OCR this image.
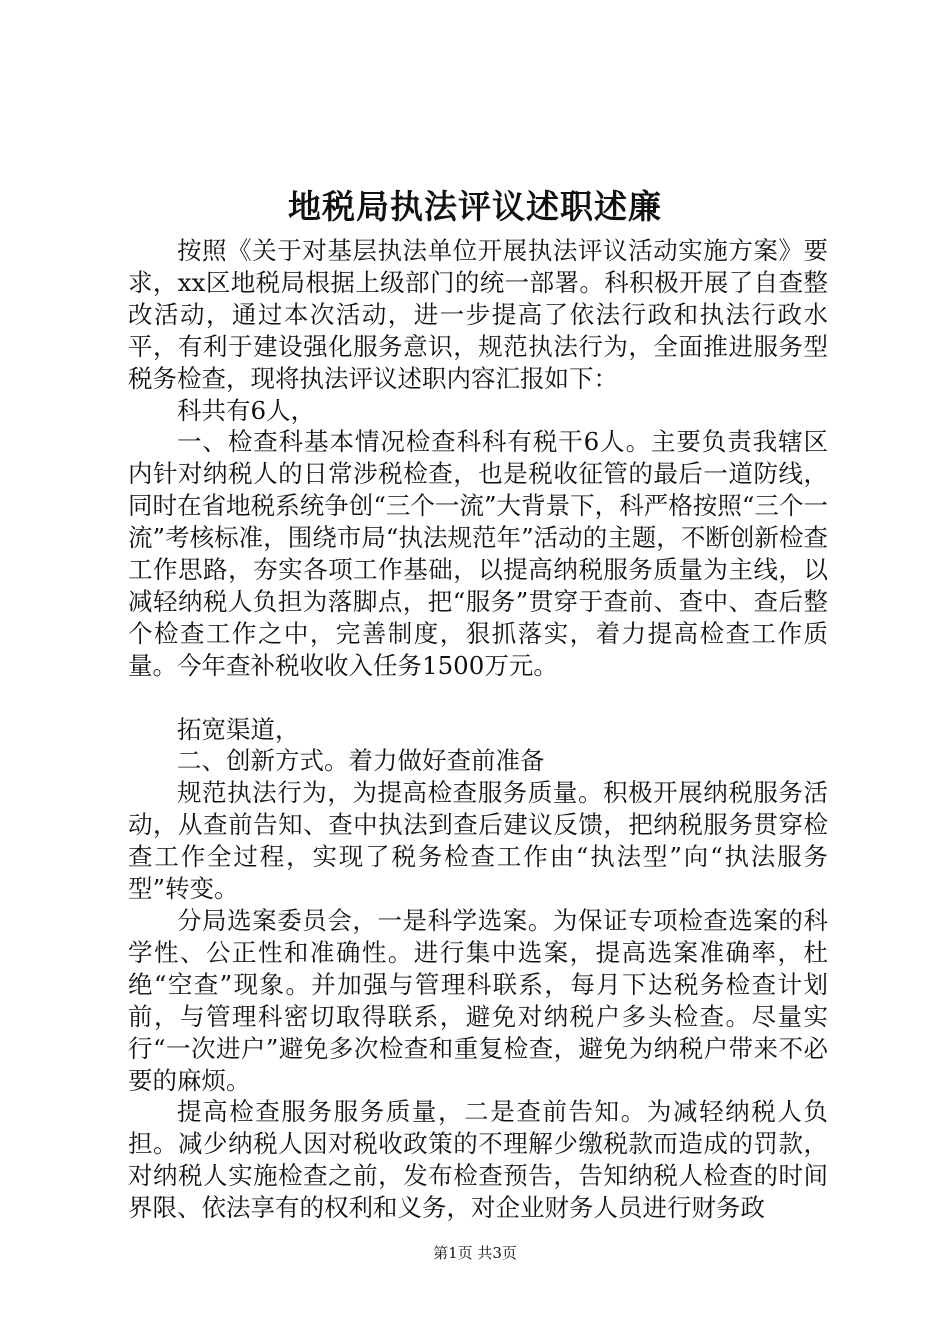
地税局执法评议述职述廉

按照《关于对基层执法单位开展执法评议活动实施方案》要求，xx区地税局根据上级部门的统一部署。科积极开展了自查整改活动，通过本次活动，进一步提高了依法行政和执法行政水平，有利于建设强化服务意识，规范执法行为，全面推进服务型税务检查，现将执法评议述职内容汇报如下：

科共有6人，

一、检查科基本情况检查科科有税干6人。主要负责我辖区内针对纳税人的日常涉税检查，也是税收征管的最后一道防线，同时在省地税系统争创“三个一流”大背景下，科严格按照“三个一流”考核标准，围绕市局“执法规范年”活动的主题，不断创新检查工作思路，夯实各项工作基础，以提高纳税服务质量为主线，以减轻纳税人负担为落脚点，把“服务”贯穿于查前、查中、查后整个检查工作之中，完善制度，狠抓落实，着力提高检查工作质量。今年查补税收收入任务1500万元。

拓宽渠道，

二、创新方式。着力做好查前准备

规范执法行为，为提高检查服务质量。积极开展纳税服务活动，从查前告知、查中执法到查后建议反馈，把纳税服务贯穿检查工作全过程，实现了税务检查工作由“执法型”向“执法服务型”转变。

分局选案委员会，一是科学选案。为保证专项检查选案的科学性、公正性和准确性。进行集中选案，提高选案准确率，杜绝“空查”现象。并加强与管理科联系，每月下达税务检查计划前，与管理科密切取得联系，避免对纳税户多头检查。尽量实行“一次进户”避免多次检查和重复检查，避免为纳税户带来不必要的麻烦。

提高检查服务服务质量，二是查前告知。为减轻纳税人负担。减少纳税人因对税收政策的不理解少缴税款而造成的罚款，对纳税人实施检查之前，发布检查预告，告知纳税人检查的时间界限、依法享有的权利和义务，对企业财务人员进行财务政

第1页 共3页
